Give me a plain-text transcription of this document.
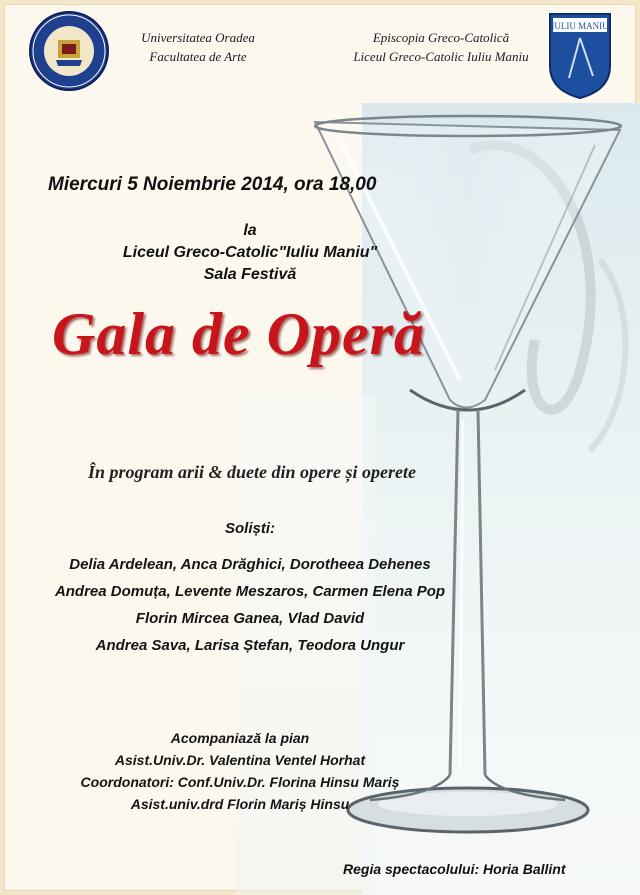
IULIU MANIU
Universitatea Oradea
Facultatea de Arte
Episcopia Greco-Catolică
Liceul Greco-Catolic Iuliu Maniu
Miercuri 5 Noiembrie 2014, ora 18,00
la
Liceul Greco-Catolic"Iuliu Maniu"
Sala Festivă
Gala de Operă
În program arii & duete din opere și operete
Soliști:
Delia Ardelean, Anca Drăghici, Dorotheea Dehenes
Andrea Domuța, Levente Meszaros, Carmen Elena Pop
Florin Mircea Ganea, Vlad David
Andrea Sava, Larisa Ștefan, Teodora Ungur
Acompaniază la pian
Asist.Univ.Dr. Valentina Ventel Horhat
Coordonatori: Conf.Univ.Dr. Florina Hinsu Mariș
Asist.univ.drd Florin Mariș Hinsu
Regia spectacolului: Horia Ballint
